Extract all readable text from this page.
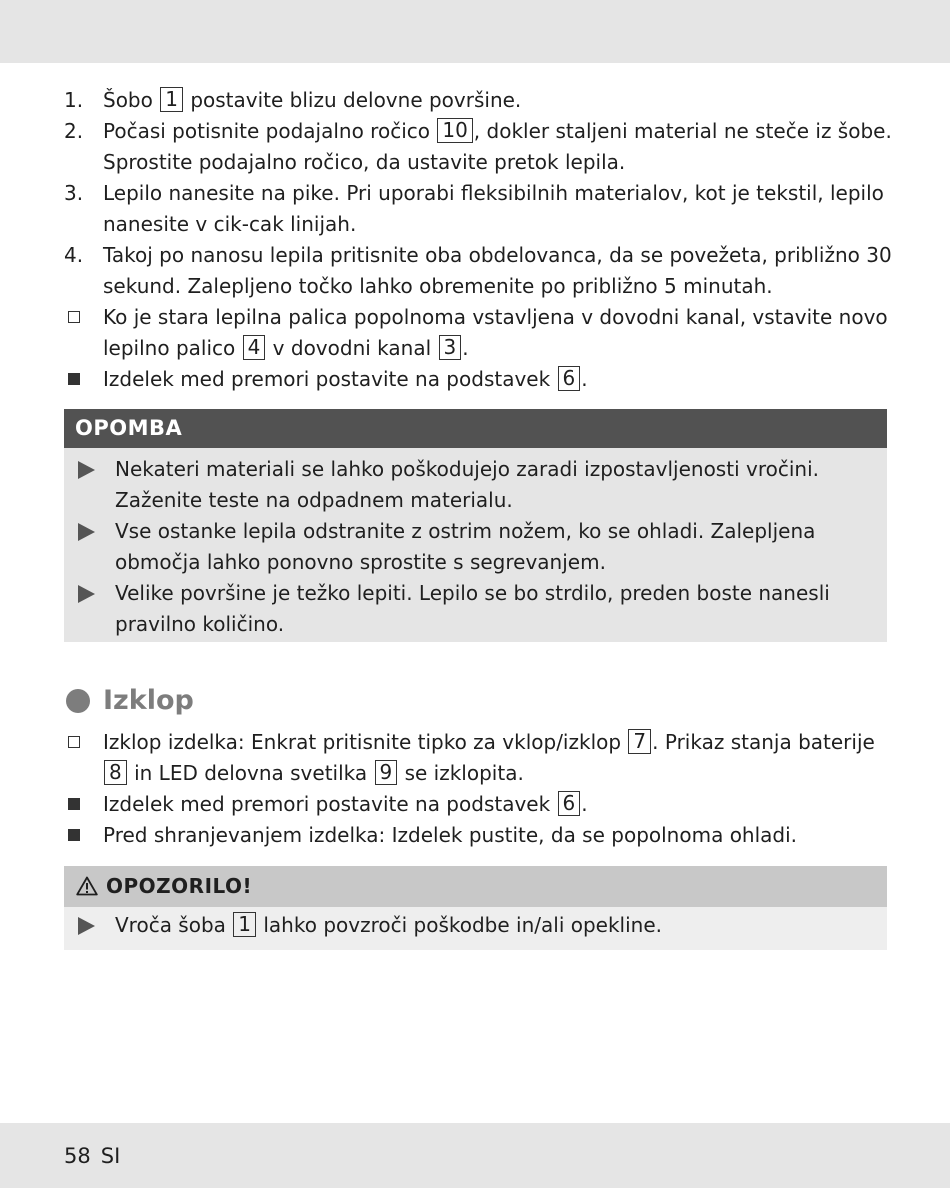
1. Šobo 1 postavite blizu delovne površine.
2. Počasi potisnite podajalno ročico 10 , dokler staljeni material ne steče iz šobe. Sprostite podajalno ročico, da ustavite pretok lepila.
3. Lepilo nanesite na pike. Pri uporabi fleksibilnih materialov, kot je tekstil, lepilo nanesite v cik-cak linijah.
4. Takoj po nanosu lepila pritisnite oba obdelovanca, da se povežeta, približno 30 sekund. Zalepljeno točko lahko obremenite po približno 5 minutah.
Ko je stara lepilna palica popolnoma vstavljena v dovodni kanal, vstavite novo lepilno palico 4 v dovodni kanal 3 .
Izdelek med premori postavite na podstavek 6 .
OPOMBA
Nekateri materiali se lahko poškodujejo zaradi izpostavljenosti vročini. Zaženite teste na odpadnem materialu.
Vse ostanke lepila odstranite z ostrim nožem, ko se ohladi. Zalepljena območja lahko ponovno sprostite s segrevanjem.
Velike površine je težko lepiti. Lepilo se bo strdilo, preden boste nanesli pravilno količino.
Izklop
Izklop izdelka: Enkrat pritisnite tipko za vklop/izklop 7 . Prikaz stanja baterije 8 in LED delovna svetilka 9 se izklopita.
Izdelek med premori postavite na podstavek 6 .
Pred shranjevanjem izdelka: Izdelek pustite, da se popolnoma ohladi.
OPOZORILO!
Vroča šoba 1 lahko povzroči poškodbe in/ali opekline.
58 SI
